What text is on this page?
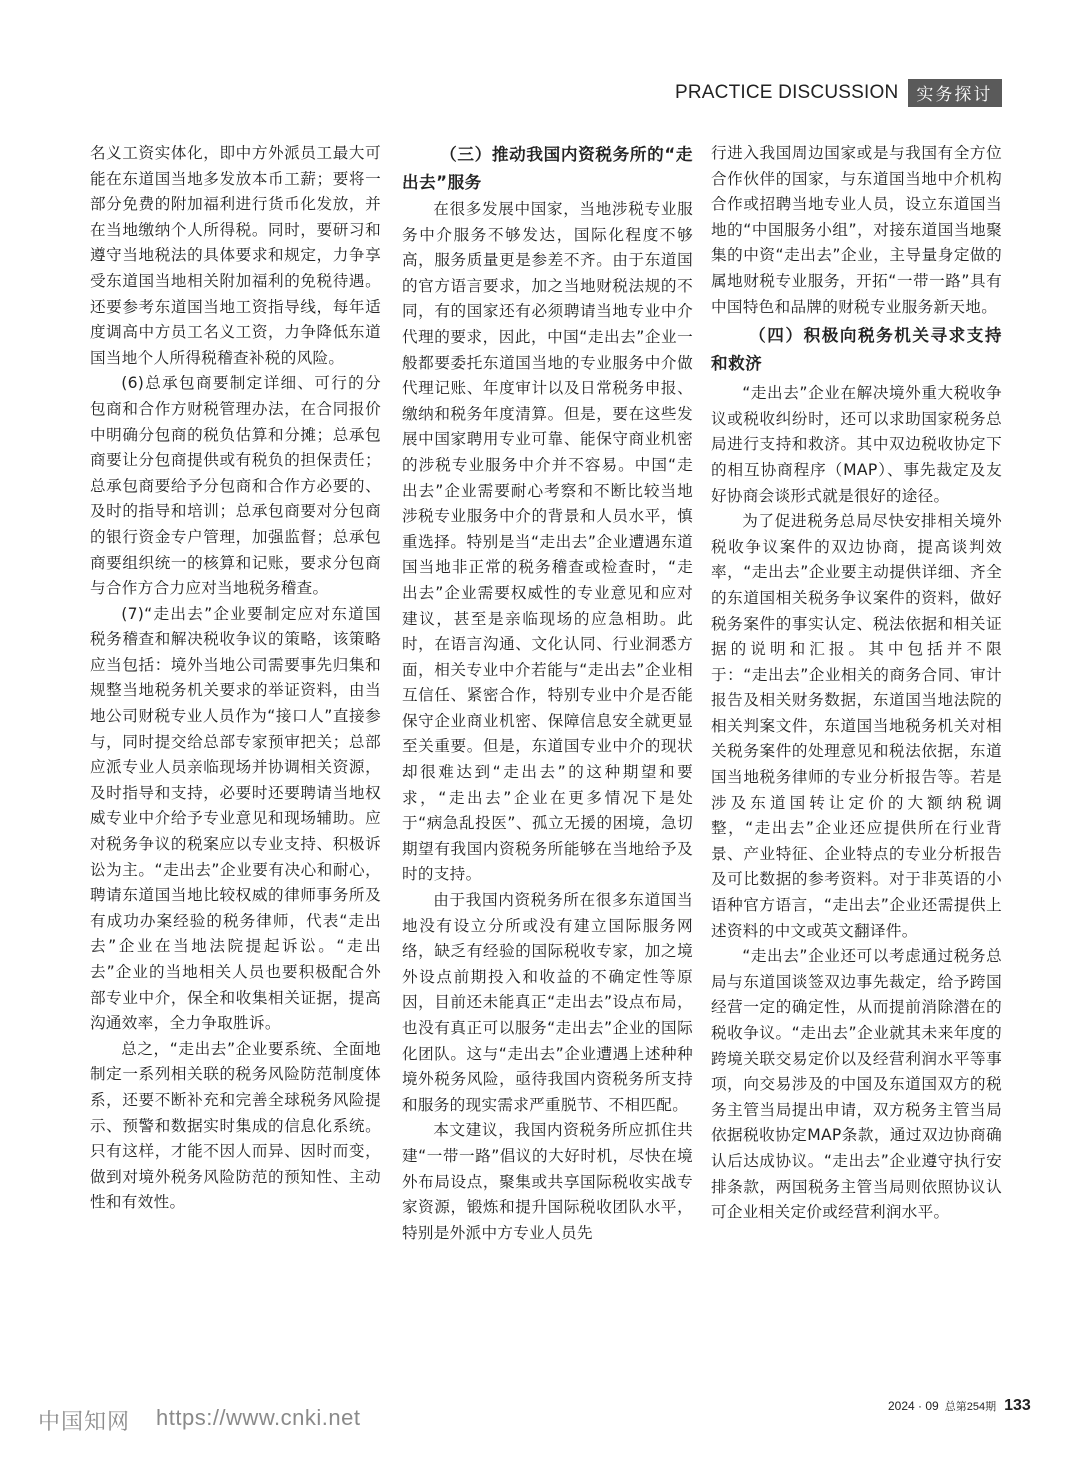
PRACTICE DISCUSSION	实务探讨

名义工资实体化，即中方外派员工最大可能在东道国当地多发放本币工薪；要将一部分免费的附加福利进行货币化发放，并在当地缴纳个人所得税。同时，要研习和遵守当地税法的具体要求和规定，力争享受东道国当地相关附加福利的免税待遇。还要参考东道国当地工资指导线，每年适度调高中方员工名义工资，力争降低东道国当地个人所得税稽查补税的风险。

(6)总承包商要制定详细、可行的分包商和合作方财税管理办法，在合同报价中明确分包商的税负估算和分摊；总承包商要让分包商提供或有税负的担保责任；总承包商要给予分包商和合作方必要的、及时的指导和培训；总承包商要对分包商的银行资金专户管理，加强监督；总承包商要组织统一的核算和记账，要求分包商与合作方合力应对当地税务稽查。

(7)“走出去”企业要制定应对东道国税务稽查和解决税收争议的策略，该策略应当包括：境外当地公司需要事先归集和规整当地税务机关要求的举证资料，由当地公司财税专业人员作为“接口人”直接参与，同时提交给总部专家预审把关；总部应派专业人员亲临现场并协调相关资源，及时指导和支持，必要时还要聘请当地权威专业中介给予专业意见和现场辅助。应对税务争议的税案应以专业支持、积极诉讼为主。“走出去”企业要有决心和耐心，聘请东道国当地比较权威的律师事务所及有成功办案经验的税务律师，代表“走出去”企业在当地法院提起诉讼。“走出去”企业的当地相关人员也要积极配合外部专业中介，保全和收集相关证据，提高沟通效率，全力争取胜诉。

总之，“走出去”企业要系统、全面地制定一系列相关联的税务风险防范制度体系，还要不断补充和完善全球税务风险提示、预警和数据实时集成的信息化系统。只有这样，才能不因人而异、因时而变，做到对境外税务风险防范的预知性、主动性和有效性。

（三）推动我国内资税务所的“走出去”服务

在很多发展中国家，当地涉税专业服务中介服务不够发达，国际化程度不够高，服务质量更是参差不齐。由于东道国的官方语言要求，加之当地财税法规的不同，有的国家还有必须聘请当地专业中介代理的要求，因此，中国“走出去”企业一般都要委托东道国当地的专业服务中介做代理记账、年度审计以及日常税务申报、缴纳和税务年度清算。但是，要在这些发展中国家聘用专业可靠、能保守商业机密的涉税专业服务中介并不容易。中国“走出去”企业需要耐心考察和不断比较当地涉税专业服务中介的背景和人员水平，慎重选择。特别是当“走出去”企业遭遇东道国当地非正常的税务稽查或检查时，“走出去”企业需要权威性的专业意见和应对建议，甚至是亲临现场的应急相助。此时，在语言沟通、文化认同、行业洞悉方面，相关专业中介若能与“走出去”企业相互信任、紧密合作，特别专业中介是否能保守企业商业机密、保障信息安全就更显至关重要。但是，东道国专业中介的现状却很难达到“走出去”的这种期望和要求，“走出去”企业在更多情况下是处于“病急乱投医”、孤立无援的困境，急切期望有我国内资税务所能够在当地给予及时的支持。

由于我国内资税务所在很多东道国当地没有设立分所或没有建立国际服务网络，缺乏有经验的国际税收专家，加之境外设点前期投入和收益的不确定性等原因，目前还未能真正“走出去”设点布局，也没有真正可以服务“走出去”企业的国际化团队。这与“走出去”企业遭遇上述种种境外税务风险，亟待我国内资税务所支持和服务的现实需求严重脱节、不相匹配。

本文建议，我国内资税务所应抓住共建“一带一路”倡议的大好时机，尽快在境外布局设点，聚集或共享国际税收实战专家资源，锻炼和提升国际税收团队水平，特别是外派中方专业人员先

行进入我国周边国家或是与我国有全方位合作伙伴的国家，与东道国当地中介机构合作或招聘当地专业人员，设立东道国当地的“中国服务小组”，对接东道国当地聚集的中资“走出去”企业，主导量身定做的属地财税专业服务，开拓“一带一路”具有中国特色和品牌的财税专业服务新天地。

（四）积极向税务机关寻求支持和救济

“走出去”企业在解决境外重大税收争议或税收纠纷时，还可以求助国家税务总局进行支持和救济。其中双边税收协定下的相互协商程序（MAP）、事先裁定及友好协商会谈形式就是很好的途径。

为了促进税务总局尽快安排相关境外税收争议案件的双边协商，提高谈判效率，“走出去”企业要主动提供详细、齐全的东道国相关税务争议案件的资料，做好税务案件的事实认定、税法依据和相关证据的说明和汇报。其中包括并不限于：“走出去”企业相关的商务合同、审计报告及相关财务数据，东道国当地法院的相关判案文件，东道国当地税务机关对相关税务案件的处理意见和税法依据，东道国当地税务律师的专业分析报告等。若是涉及东道国转让定价的大额纳税调整，“走出去”企业还应提供所在行业背景、产业特征、企业特点的专业分析报告及可比数据的参考资料。对于非英语的小语种官方语言，“走出去”企业还需提供上述资料的中文或英文翻译件。

“走出去”企业还可以考虑通过税务总局与东道国谈签双边事先裁定，给予跨国经营一定的确定性，从而提前消除潜在的税收争议。“走出去”企业就其未来年度的跨境关联交易定价以及经营利润水平等事项，向交易涉及的中国及东道国双方的税务主管当局提出申请，双方税务主管当局依据税收协定MAP条款，通过双边协商确认后达成协议。“走出去”企业遵守执行安排条款，两国税务主管当局则依照协议认可企业相关定价或经营利润水平。

2024 · 09 总第254期 133
中国知网 https://www.cnki.net
